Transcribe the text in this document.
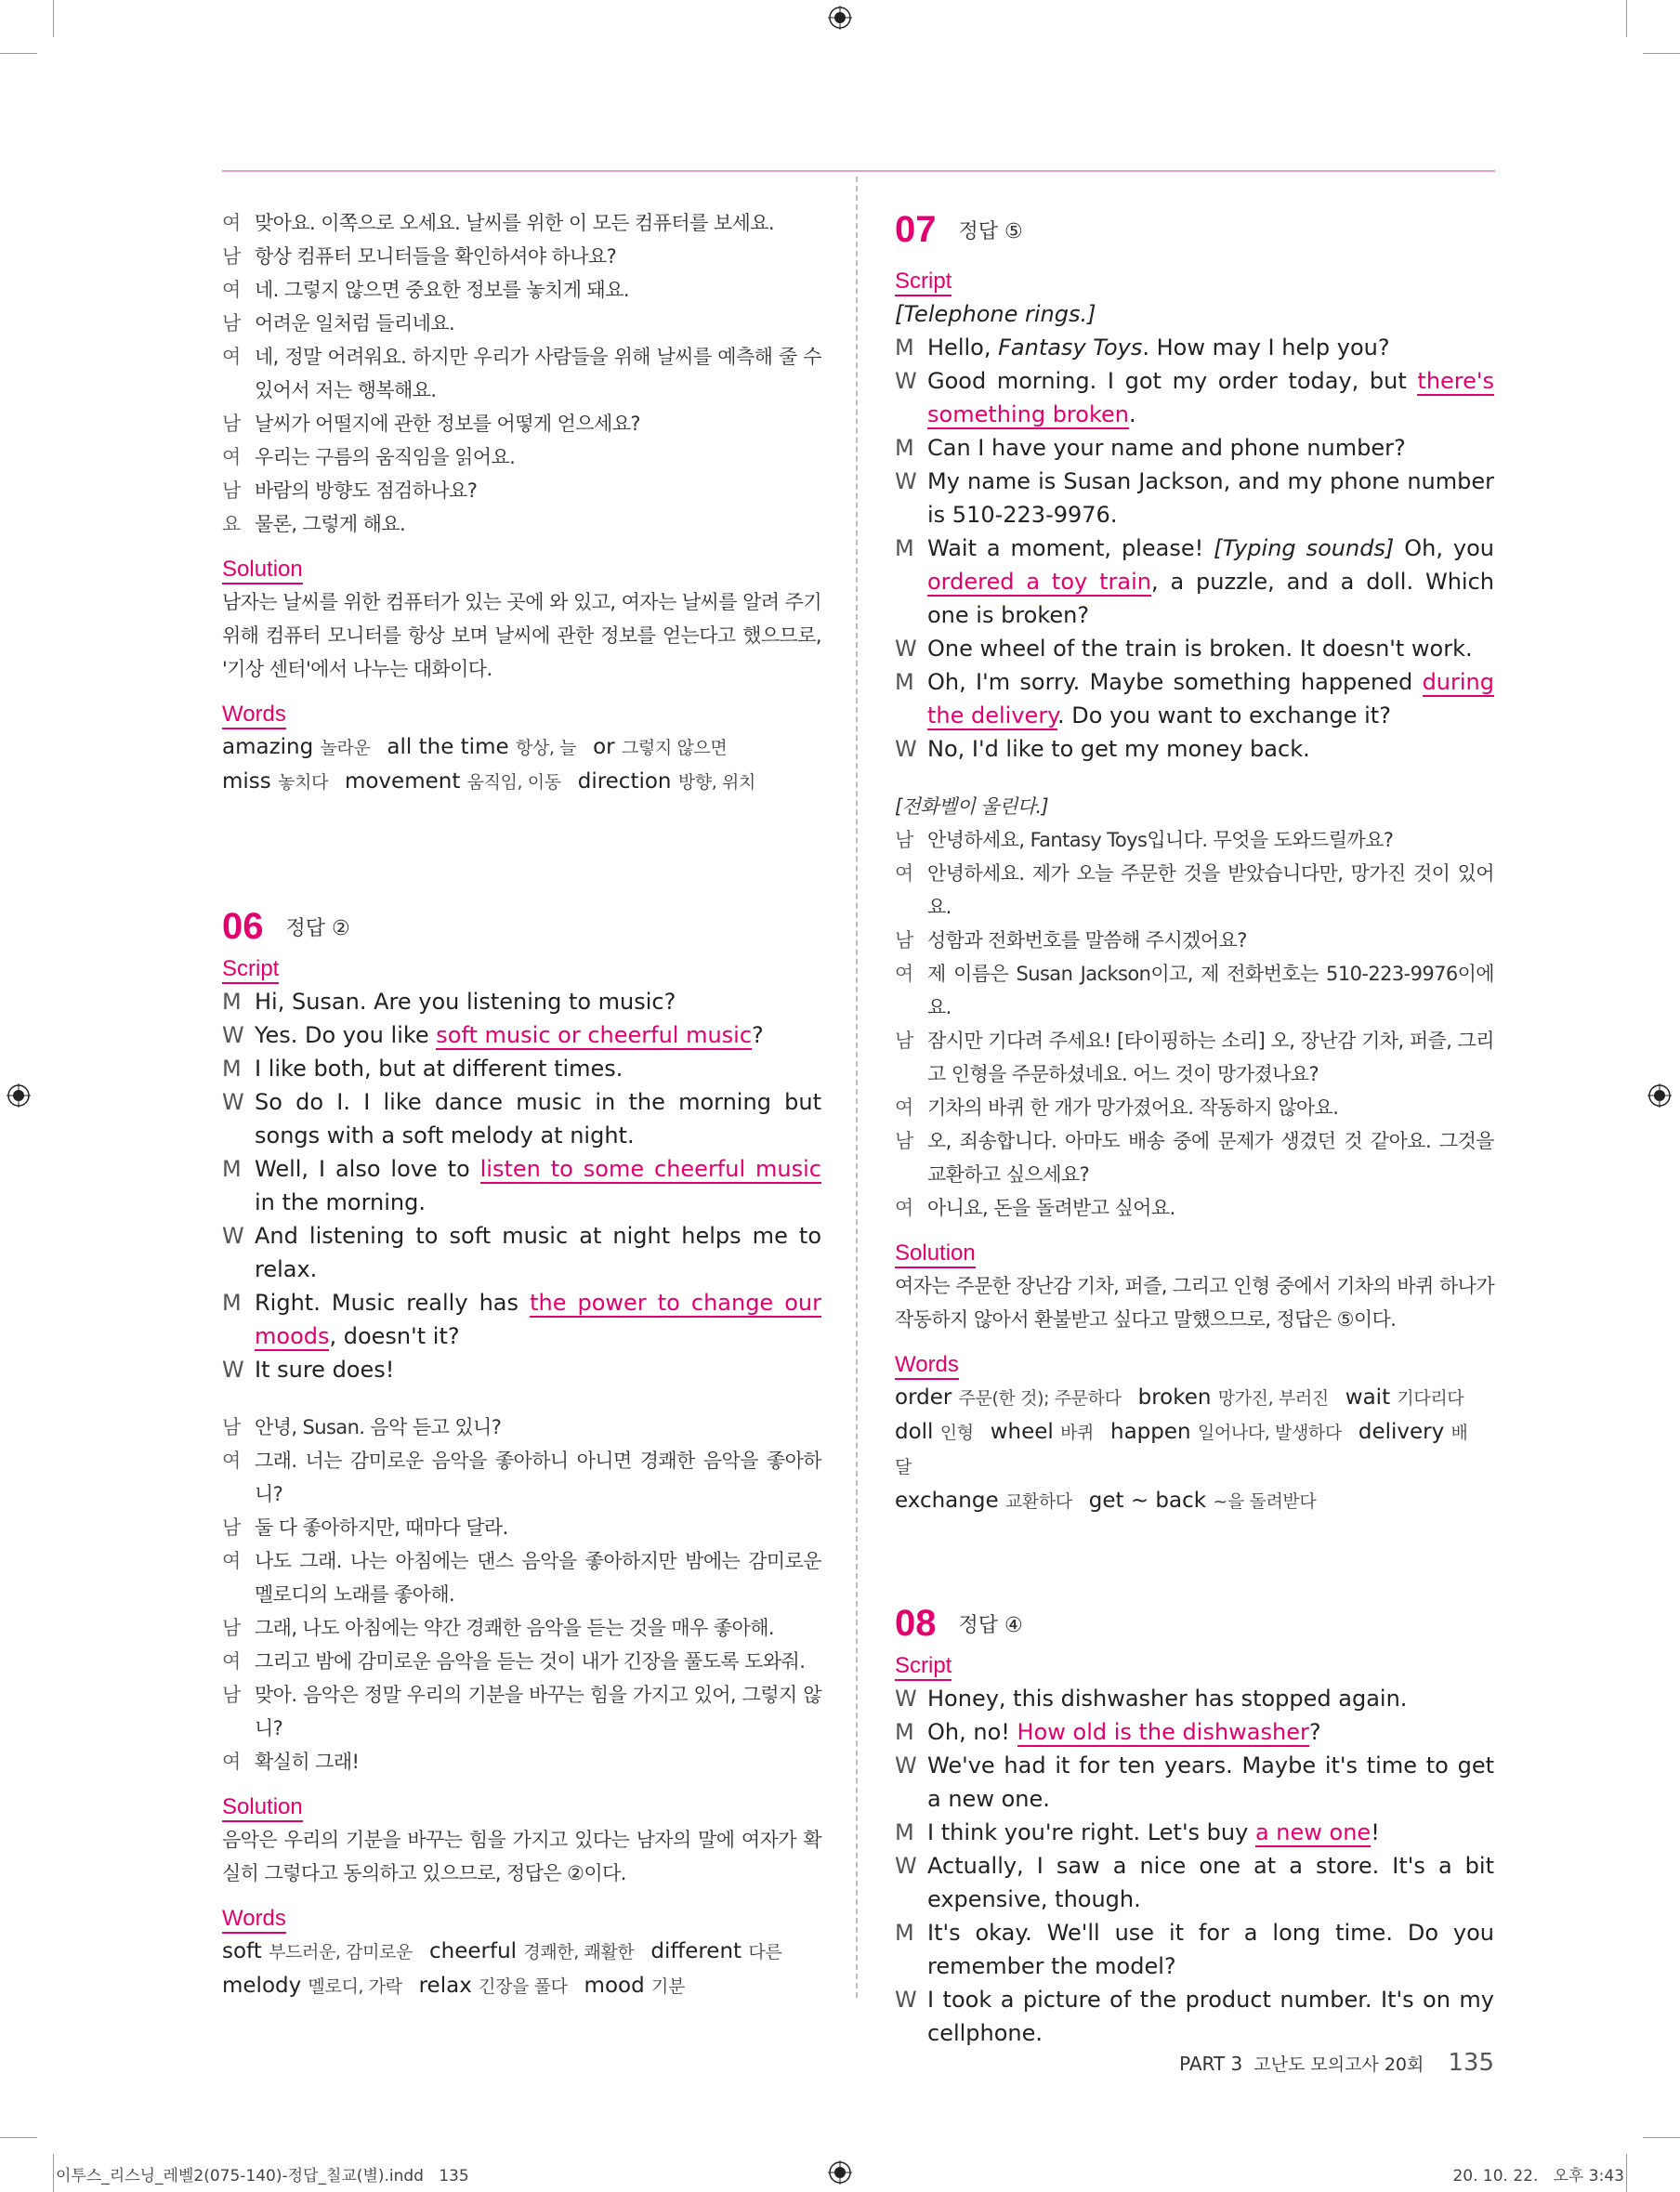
여 맞아요. 이쪽으로 오세요. 날씨를 위한 이 모든 컴퓨터를 보세요.
남 항상 컴퓨터 모니터들을 확인하셔야 하나요?
여 네. 그렇지 않으면 중요한 정보를 놓치게 돼요.
남 어려운 일처럼 들리네요.
여 네, 정말 어려워요. 하지만 우리가 사람들을 위해 날씨를 예측해 줄 수 있어서 저는 행복해요.
남 날씨가 어떨지에 관한 정보를 어떻게 얻으세요?
여 우리는 구름의 움직임을 읽어요.
남 바람의 방향도 점검하나요?
요 물론, 그렇게 해요.
Solution
남자는 날씨를 위한 컴퓨터가 있는 곳에 와 있고, 여자는 날씨를 알려 주기 위해 컴퓨터 모니터를 항상 보며 날씨에 관한 정보를 얻는다고 했으므로, '기상 센터'에서 나누는 대화이다.
Words
amazing 놀라운 all the time 항상, 늘 or 그렇지 않으면
miss 놓치다 movement 움직임, 이동 direction 방향, 위치
06 정답 ②
Script
M Hi, Susan. Are you listening to music?
W Yes. Do you like soft music or cheerful music?
M I like both, but at different times.
W So do I. I like dance music in the morning but songs with a soft melody at night.
M Well, I also love to listen to some cheerful music in the morning.
W And listening to soft music at night helps me to relax.
M Right. Music really has the power to change our moods, doesn't it?
W It sure does!
남 안녕, Susan. 음악 듣고 있니?
여 그래. 너는 감미로운 음악을 좋아하니 아니면 경쾌한 음악을 좋아하니?
남 둘 다 좋아하지만, 때마다 달라.
여 나도 그래. 나는 아침에는 댄스 음악을 좋아하지만 밤에는 감미로운 멜로디의 노래를 좋아해.
남 그래, 나도 아침에는 약간 경쾌한 음악을 듣는 것을 매우 좋아해.
여 그리고 밤에 감미로운 음악을 듣는 것이 내가 긴장을 풀도록 도와줘.
남 맞아. 음악은 정말 우리의 기분을 바꾸는 힘을 가지고 있어, 그렇지 않니?
여 확실히 그래!
Solution
음악은 우리의 기분을 바꾸는 힘을 가지고 있다는 남자의 말에 여자가 확실히 그렇다고 동의하고 있으므로, 정답은 ②이다.
Words
soft 부드러운, 감미로운 cheerful 경쾌한, 쾌활한 different 다른
melody 멜로디, 가락 relax 긴장을 풀다 mood 기분
07 정답 ⑤
Script
[Telephone rings.]
M Hello, Fantasy Toys. How may I help you?
W Good morning. I got my order today, but there's something broken.
M Can I have your name and phone number?
W My name is Susan Jackson, and my phone number is 510-223-9976.
M Wait a moment, please! [Typing sounds] Oh, you ordered a toy train, a puzzle, and a doll. Which one is broken?
W One wheel of the train is broken. It doesn't work.
M Oh, I'm sorry. Maybe something happened during the delivery. Do you want to exchange it?
W No, I'd like to get my money back.
[전화벨이 울린다.]
남 안녕하세요, Fantasy Toys입니다. 무엇을 도와드릴까요?
여 안녕하세요. 제가 오늘 주문한 것을 받았습니다만, 망가진 것이 있어요.
남 성함과 전화번호를 말씀해 주시겠어요?
여 제 이름은 Susan Jackson이고, 제 전화번호는 510-223-9976이에요.
남 잠시만 기다려 주세요! [타이핑하는 소리] 오, 장난감 기차, 퍼즐, 그리고 인형을 주문하셨네요. 어느 것이 망가졌나요?
여 기차의 바퀴 한 개가 망가졌어요. 작동하지 않아요.
남 오, 죄송합니다. 아마도 배송 중에 문제가 생겼던 것 같아요. 그것을 교환하고 싶으세요?
여 아니요, 돈을 돌려받고 싶어요.
Solution
여자는 주문한 장난감 기차, 퍼즐, 그리고 인형 중에서 기차의 바퀴 하나가 작동하지 않아서 환불받고 싶다고 말했으므로, 정답은 ⑤이다.
Words
order 주문(한 것); 주문하다 broken 망가진, 부러진 wait 기다리다
doll 인형 wheel 바퀴 happen 일어나다, 발생하다 delivery 배달
exchange 교환하다 get ~ back ~을 돌려받다
08 정답 ④
Script
W Honey, this dishwasher has stopped again.
M Oh, no! How old is the dishwasher?
W We've had it for ten years. Maybe it's time to get a new one.
M I think you're right. Let's buy a new one!
W Actually, I saw a nice one at a store. It's a bit expensive, though.
M It's okay. We'll use it for a long time. Do you remember the model?
W I took a picture of the product number. It's on my cellphone.
PART 3 고난도 모의고사 20회 135
이투스_리스닝_레벨2(075-140)-정답_칠교(별).indd   135	20. 10. 22.   오후 3:43
